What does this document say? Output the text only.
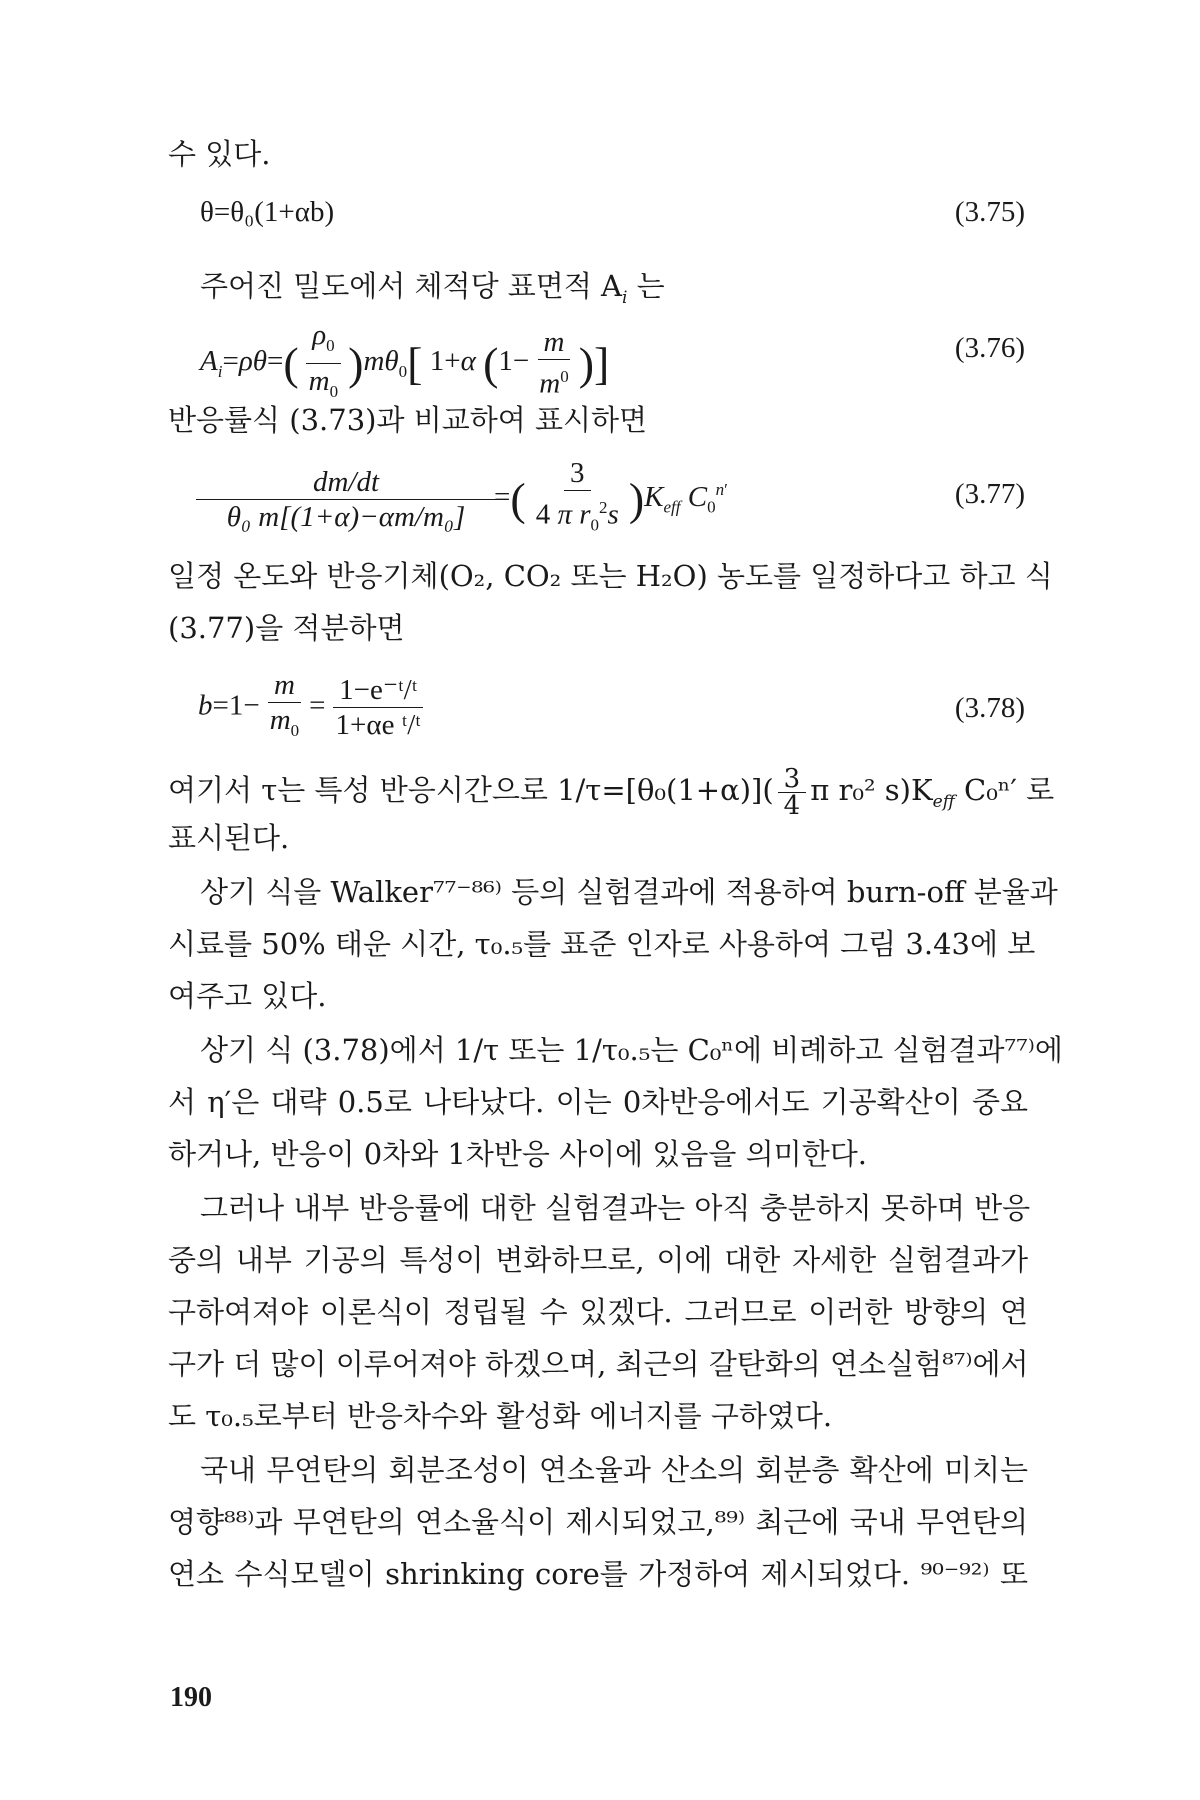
수 있다.
θ=θ₀(1+αb)	(3.75)
주어진 밀도에서 체적당 표면적 $A_i$ 는
$A_i=\rho\theta=( \frac{\rho_0}{m_0} )m\theta_0$[ 1+α ($1- \frac{m}{m^0}$ )]	(3.76)
반응률식 (3.73)과 비교하여 표시하면
$\frac{dm/dt}{\text{θ₀ m[(1+α)−αm/m₀]}}$ =( $\frac{3}{4 \pi r_0^2s} )K_{eff}$ $C_0^{n'}$	(3.77)
일정 온도와 반응기체(O₂, CO₂ 또는 H₂O) 농도를 일정하다고 하고 식
(3.77)을 적분하면
$b=1- \frac{m}{m_0} = \frac{\text{1−e⁻ᵗ/ᵗ}}{\text{1+αe ᵗ/ᵗ}}$	(3.78)
여기서 τ는 특성 반응시간으로 $1/\tau=[\theta_0(1+\alpha)]( \frac{3}{4}$ π r₀² $s)K_{eff}$ C₀ⁿ′ 로
표시된다.
상기 식을 Walker⁷⁷⁻⁸⁶⁾ 등의 실험결과에 적용하여 burn-off 분율과
시료를 50% 태운 시간, τ₀.₅를 표준 인자로 사용하여 그림 3.43에 보
여주고 있다.
상기 식 (3.78)에서 1/τ 또는 1/τ₀.₅는 C₀ⁿ에 비례하고 실험결과⁷⁷⁾에
서 η′은 대략 0.5로 나타났다. 이는 0차반응에서도 기공확산이 중요
하거나, 반응이 0차와 1차반응 사이에 있음을 의미한다.
그러나 내부 반응률에 대한 실험결과는 아직 충분하지 못하며 반응
중의 내부 기공의 특성이 변화하므로, 이에 대한 자세한 실험결과가
구하여져야 이론식이 정립될 수 있겠다. 그러므로 이러한 방향의 연
구가 더 많이 이루어져야 하겠으며, 최근의 갈탄화의 연소실험⁸⁷⁾에서
도 τ₀.₅로부터 반응차수와 활성화 에너지를 구하였다.
국내 무연탄의 회분조성이 연소율과 산소의 회분층 확산에 미치는
영향⁸⁸⁾과 무연탄의 연소율식이 제시되었고,⁸⁹⁾ 최근에 국내 무연탄의
연소 수식모델이 shrinking core를 가정하여 제시되었다. ⁹⁰⁻⁹²⁾ 또
190
